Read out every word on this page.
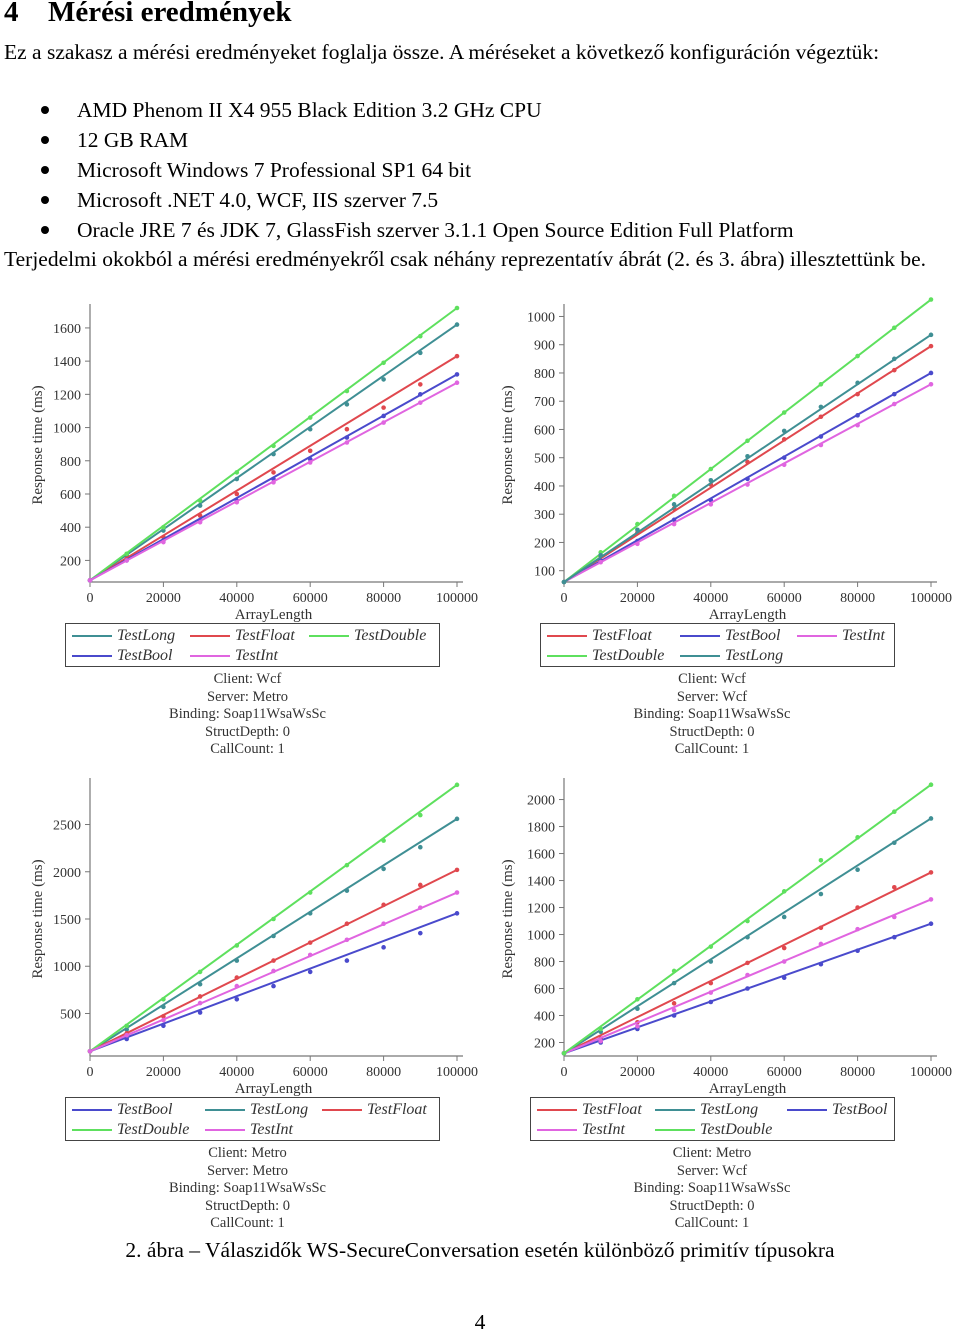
4 Mérési eredmények
Ez a szakasz a mérési eredményeket foglalja össze. A méréseket a következő konfiguráción végeztük:
AMD Phenom II X4 955 Black Edition 3.2 GHz CPU
12 GB RAM
Microsoft Windows 7 Professional SP1 64 bit
Microsoft .NET 4.0, WCF, IIS szerver 7.5
Oracle JRE 7 és JDK 7, GlassFish szerver 3.1.1 Open Source Edition Full Platform
Terjedelmi okokból a mérési eredményekről csak néhány reprezentatív ábrát (2. és 3. ábra) illesztettünk be.
200
400
600
800
1000
1200
1400
1600
0	20000	40000	60000	80000 100000
ArrayLength
Response time (ms)
TestLong	TestFloat	TestDouble
TestBool	TestInt
Client: Wcf
Server: Metro
Binding: Soap11WsaWsSc
StructDepth: 0
CallCount: 1
100
200
300
400
500
600
700
800
900
1000
0	20000	40000	60000	80000 100000
ArrayLength
Response time (ms)
TestFloat	TestBool	TestInt
TestDouble	TestLong
Client: Wcf
Server: Wcf
Binding: Soap11WsaWsSc
StructDepth: 0
CallCount: 1
500
1000
1500
2000
2500
0	20000	40000	60000	80000 100000
ArrayLength
Response time (ms)
TestBool	TestLong	TestFloat
TestDouble	TestInt
Client: Metro
Server: Metro
Binding: Soap11WsaWsSc
StructDepth: 0
CallCount: 1
200
400
600
800
1000
1200
1400
1600
1800
2000
0	20000	40000	60000	80000 100000
ArrayLength
Response time (ms)
TestFloat	TestLong	TestBool
TestInt	TestDouble
Client: Metro
Server: Wcf
Binding: Soap11WsaWsSc
StructDepth: 0
CallCount: 1
2. ábra – Válaszidők WS-SecureConversation esetén különböző primitív típusokra
4
